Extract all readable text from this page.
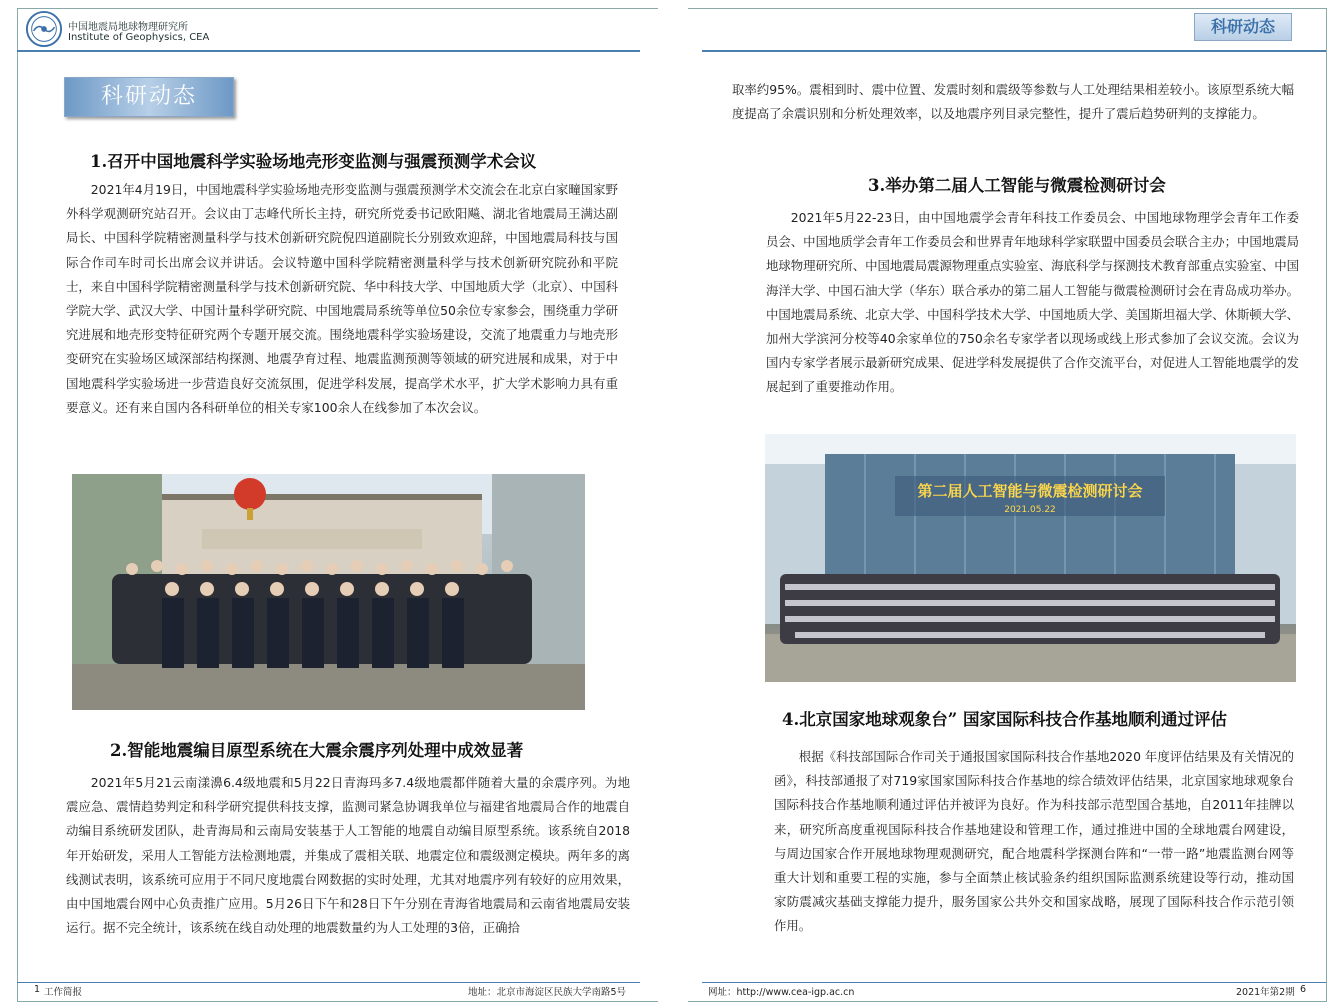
中国地震局地球物理研究所
Institute of Geophysics, CEA
科研动态
科研动态
1.召开中国地震科学实验场地壳形变监测与强震预测学术会议

2021年4月19日，中国地震科学实验场地壳形变监测与强震预测学术交流会在北京白家疃国家野外科学观测研究站召开。会议由丁志峰代所长主持，研究所党委书记欧阳飚、湖北省地震局王满达副局长、中国科学院精密测量科学与技术创新研究院倪四道副院长分别致欢迎辞，中国地震局科技与国际合作司车时司长出席会议并讲话。会议特邀中国科学院精密测量科学与技术创新研究院孙和平院士，来自中国科学院精密测量科学与技术创新研究院、华中科技大学、中国地质大学（北京）、中国科学院大学、武汉大学、中国计量科学研究院、中国地震局系统等单位50余位专家参会，围绕重力学研究进展和地壳形变特征研究两个专题开展交流。围绕地震科学实验场建设，交流了地震重力与地壳形变研究在实验场区域深部结构探测、地震孕育过程、地震监测预测等领域的研究进展和成果，对于中国地震科学实验场进一步营造良好交流氛围，促进学科发展，提高学术水平，扩大学术影响力具有重要意义。还有来自国内各科研单位的相关专家100余人在线参加了本次会议。

2.智能地震编目原型系统在大震余震序列处理中成效显著

2021年5月21云南漾濞6.4级地震和5月22日青海玛多7.4级地震都伴随着大量的余震序列。为地震应急、震情趋势判定和科学研究提供科技支撑，监测司紧急协调我单位与福建省地震局合作的地震自动编目系统研发团队，赴青海局和云南局安装基于人工智能的地震自动编目原型系统。该系统自2018年开始研发，采用人工智能方法检测地震，并集成了震相关联、地震定位和震级测定模块。两年多的离线测试表明，该系统可应用于不同尺度地震台网数据的实时处理，尤其对地震序列有较好的应用效果，由中国地震台网中心负责推广应用。5月26日下午和28日下午分别在青海省地震局和云南省地震局安装运行。据不完全统计，该系统在线自动处理的地震数量约为人工处理的3倍，正确拾

取率约95%。震相到时、震中位置、发震时刻和震级等参数与人工处理结果相差较小。该原型系统大幅度提高了余震识别和分析处理效率，以及地震序列目录完整性，提升了震后趋势研判的支撑能力。

3.举办第二届人工智能与微震检测研讨会

2021年5月22-23日，由中国地震学会青年科技工作委员会、中国地球物理学会青年工作委员会、中国地质学会青年工作委员会和世界青年地球科学家联盟中国委员会联合主办；中国地震局地球物理研究所、中国地震局震源物理重点实验室、海底科学与探测技术教育部重点实验室、中国海洋大学、中国石油大学（华东）联合承办的第二届人工智能与微震检测研讨会在青岛成功举办。中国地震局系统、北京大学、中国科学技术大学、中国地质大学、美国斯坦福大学、休斯顿大学、加州大学滨河分校等40余家单位的750余名专家学者以现场或线上形式参加了会议交流。会议为国内专家学者展示最新研究成果、促进学科发展提供了合作交流平台，对促进人工智能地震学的发展起到了重要推动作用。

第二届人工智能与微震检测研讨会
2021.05.22
4.北京国家地球观象台” 国家国际科技合作基地顺利通过评估

根据《科技部国际合作司关于通报国家国际科技合作基地2020 年度评估结果及有关情况的函》，科技部通报了对719家国家国际科技合作基地的综合绩效评估结果，北京国家地球观象台国际科技合作基地顺利通过评估并被评为良好。作为科技部示范型国合基地，自2011年挂牌以来，研究所高度重视国际科技合作基地建设和管理工作，通过推进中国的全球地震台网建设，与周边国家合作开展地球物理观测研究，配合地震科学探测台阵和“一带一路”地震监测台网等重大计划和重要工程的实施，参与全面禁止核试验条约组织国际监测系统建设等行动，推动国家防震减灾基础支撑能力提升，服务国家公共外交和国家战略，展现了国际科技合作示范引领作用。

1 工作简报	地址：北京市海淀区民族大学南路5号	网址：http://www.cea-igp.ac.cn	2021年第2期 6
